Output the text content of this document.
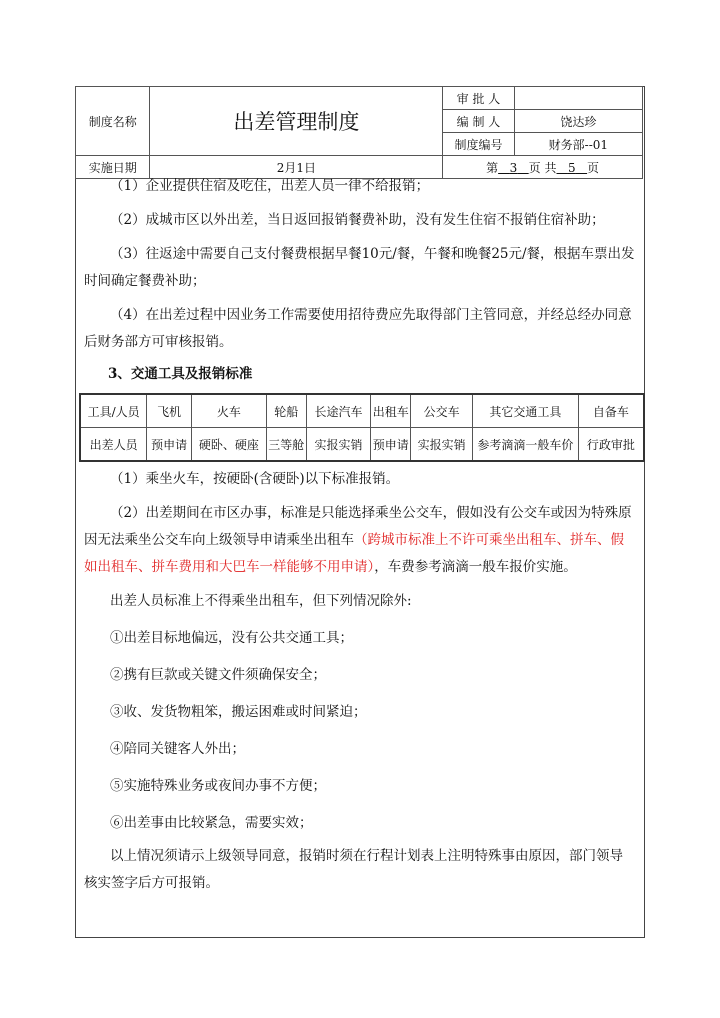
制度名称	出差管理制度	审 批 人	
		编 制 人	饶达珍
		制度编号	财务部--01
实施日期	2月1日	第 3 页 共 5 页	

（1）企业提供住宿及吃住，出差人员一律不给报销；

（2）成城市区以外出差，当日返回报销餐费补助，没有发生住宿不报销住宿补助；

（3）往返途中需要自己支付餐费根据早餐10元/餐，午餐和晚餐25元/餐，根据车票出发时间确定餐费补助；

（4）在出差过程中因业务工作需要使用招待费应先取得部门主管同意，并经总经办同意后财务部方可审核报销。

3、交通工具及报销标准
工具/人员	飞机	火车	轮船	长途汽车	出租车	公交车	其它交通工具	自备车
出差人员	预申请	硬卧、硬座	三等舱	实报实销	预申请	实报实销	参考滴滴一般车价	行政审批

（1）乘坐火车，按硬卧(含硬卧)以下标准报销。

（2）出差期间在市区办事，标准是只能选择乘坐公交车，假如没有公交车或因为特殊原因无法乘坐公交车向上级领导申请乘坐出租车（跨城市标准上不许可乘坐出租车、拼车、假如出租车、拼车费用和大巴车一样能够不用申请），车费参考滴滴一般车报价实施。

出差人员标准上不得乘坐出租车，但下列情况除外:

①出差目标地偏远，没有公共交通工具；

②携有巨款或关键文件须确保安全；

③收、发货物粗笨，搬运困难或时间紧迫；

④陪同关键客人外出；

⑤实施特殊业务或夜间办事不方便；

⑥出差事由比较紧急，需要实效；

以上情况须请示上级领导同意，报销时须在行程计划表上注明特殊事由原因，部门领导核实签字后方可报销。
